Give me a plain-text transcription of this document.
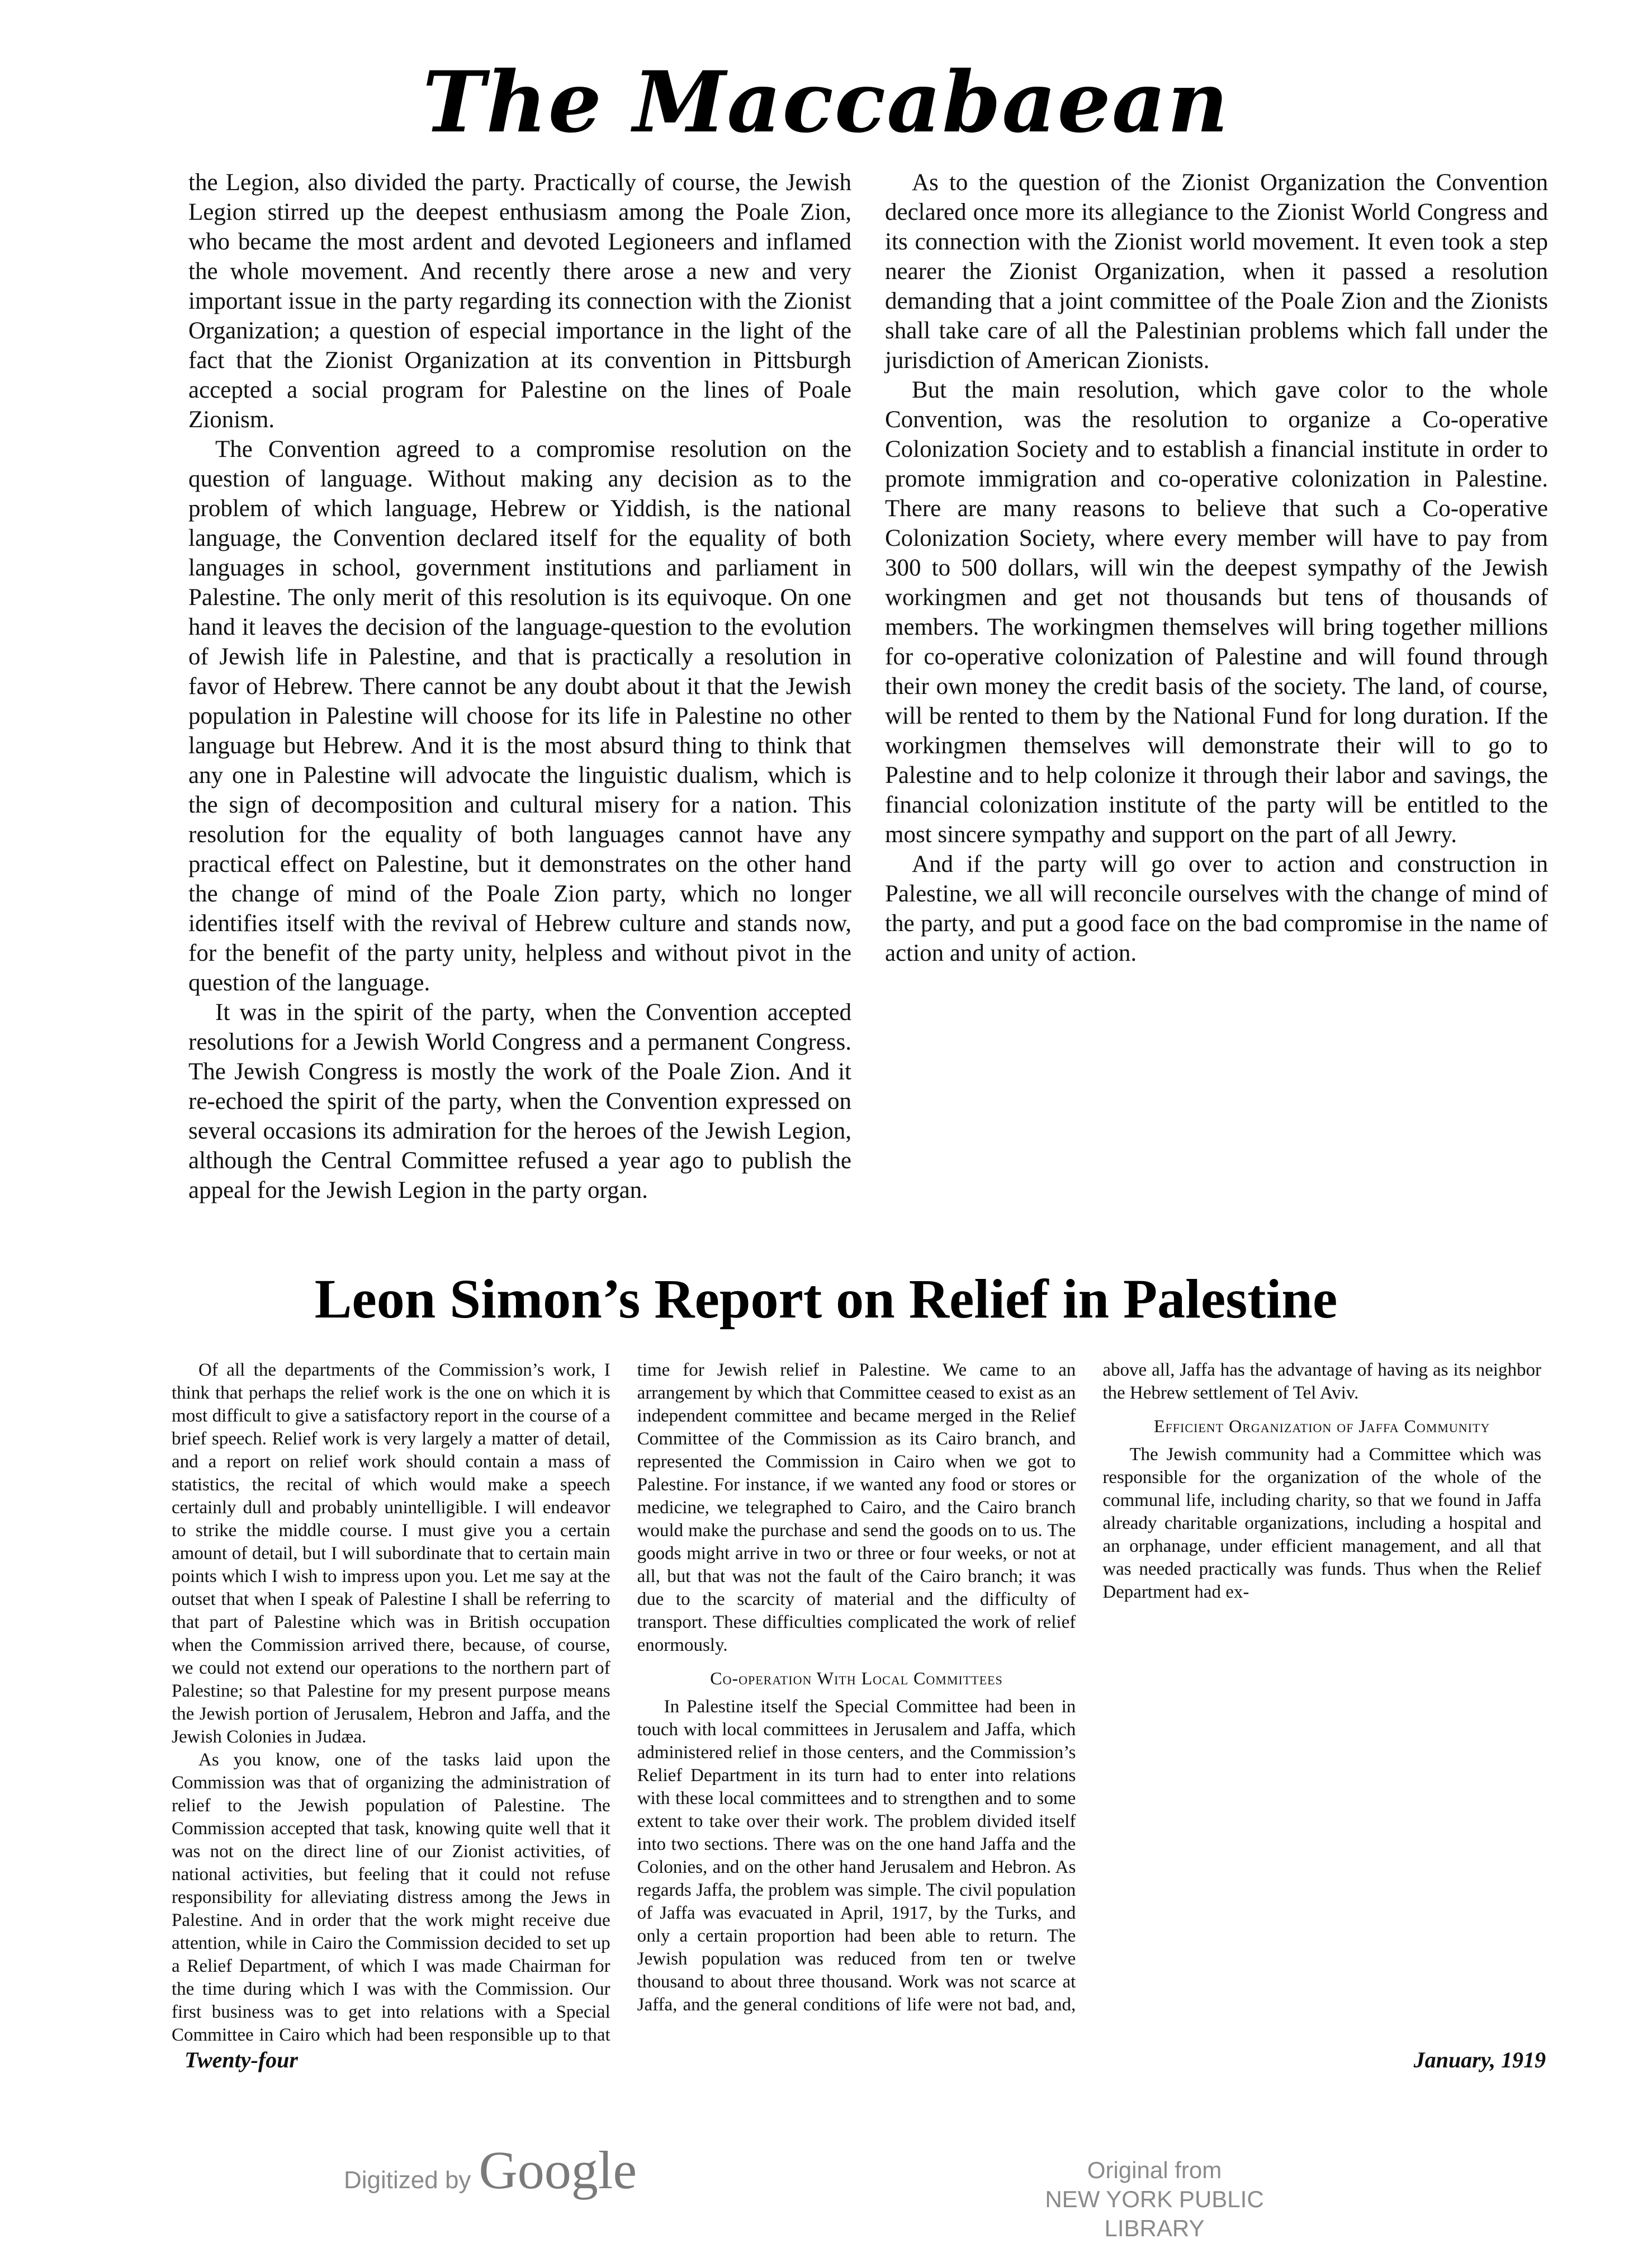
The Maccabaean

the Legion, also divided the party. Practically of course, the Jewish Legion stirred up the deepest enthusiasm among the Poale Zion, who became the most ardent and devoted Legioneers and inflamed the whole movement. And recently there arose a new and very important issue in the party regarding its connection with the Zionist Organization; a question of especial importance in the light of the fact that the Zionist Organization at its convention in Pittsburgh accepted a social program for Palestine on the lines of Poale Zionism.

The Convention agreed to a compromise resolution on the question of language. Without making any decision as to the problem of which language, Hebrew or Yiddish, is the national language, the Convention declared itself for the equality of both languages in school, government institutions and parliament in Palestine. The only merit of this resolution is its equivoque. On one hand it leaves the decision of the language-question to the evolution of Jewish life in Palestine, and that is practically a resolution in favor of Hebrew. There cannot be any doubt about it that the Jewish population in Palestine will choose for its life in Palestine no other language but Hebrew. And it is the most absurd thing to think that any one in Palestine will advocate the linguistic dualism, which is the sign of decomposition and cultural misery for a nation. This resolution for the equality of both languages cannot have any practical effect on Palestine, but it demonstrates on the other hand the change of mind of the Poale Zion party, which no longer identifies itself with the revival of Hebrew culture and stands now, for the benefit of the party unity, helpless and without pivot in the question of the language.

It was in the spirit of the party, when the Convention accepted resolutions for a Jewish World Congress and a permanent Congress. The Jewish Congress is mostly the work of the Poale Zion. And it re-echoed the spirit of the party, when the Convention expressed on several occasions its admiration for the heroes of the Jewish Legion, although the Central Committee refused a year ago to publish the appeal for the Jewish Legion in the party organ.

As to the question of the Zionist Organization the Convention declared once more its allegiance to the Zionist World Congress and its connection with the Zionist world movement. It even took a step nearer the Zionist Organization, when it passed a resolution demanding that a joint committee of the Poale Zion and the Zionists shall take care of all the Palestinian problems which fall under the jurisdiction of American Zionists.

But the main resolution, which gave color to the whole Convention, was the resolution to organize a Co-operative Colonization Society and to establish a financial institute in order to promote immigration and co-operative colonization in Palestine. There are many reasons to believe that such a Co-operative Colonization Society, where every member will have to pay from 300 to 500 dollars, will win the deepest sympathy of the Jewish workingmen and get not thousands but tens of thousands of members. The workingmen themselves will bring together millions for co-operative colonization of Palestine and will found through their own money the credit basis of the society. The land, of course, will be rented to them by the National Fund for long duration. If the workingmen themselves will demonstrate their will to go to Palestine and to help colonize it through their labor and savings, the financial colonization institute of the party will be entitled to the most sincere sympathy and support on the part of all Jewry.

And if the party will go over to action and construction in Palestine, we all will reconcile ourselves with the change of mind of the party, and put a good face on the bad compromise in the name of action and unity of action.

Leon Simon’s Report on Relief in Palestine

Of all the departments of the Commission’s work, I think that perhaps the relief work is the one on which it is most difficult to give a satisfactory report in the course of a brief speech. Relief work is very largely a matter of detail, and a report on relief work should contain a mass of statistics, the recital of which would make a speech certainly dull and probably unintelligible. I will endeavor to strike the middle course. I must give you a certain amount of detail, but I will subordinate that to certain main points which I wish to impress upon you. Let me say at the outset that when I speak of Palestine I shall be referring to that part of Palestine which was in British occupation when the Commission arrived there, because, of course, we could not extend our operations to the northern part of Palestine; so that Palestine for my present purpose means the Jewish portion of Jerusalem, Hebron and Jaffa, and the Jewish Colonies in Judæa.

As you know, one of the tasks laid upon the Commission was that of organizing the administration of relief to the Jewish population of Palestine. The Commission accepted that task, knowing quite well that it was not on the direct line of our Zionist activities, of national activities, but feeling that it could not refuse responsibility for alleviating distress among the Jews in Palestine. And in order that the work might receive due attention, while in Cairo the Commission decided to set up a Relief Department, of which I was made Chairman for the time during which I was with the Commission. Our first business was to get into relations with a Special Committee in Cairo which had been responsible up to that time for Jewish relief in Palestine. We came to an arrangement by which that Committee ceased to exist as an independent committee and became merged in the Relief Committee of the Commission as its Cairo branch, and represented the Commission in Cairo when we got to Palestine. For instance, if we wanted any food or stores or medicine, we telegraphed to Cairo, and the Cairo branch would make the purchase and send the goods on to us. The goods might arrive in two or three or four weeks, or not at all, but that was not the fault of the Cairo branch; it was due to the scarcity of material and the difficulty of transport. These difficulties complicated the work of relief enormously.

Co-operation With Local Committees

In Palestine itself the Special Committee had been in touch with local committees in Jerusalem and Jaffa, which administered relief in those centers, and the Commission’s Relief Department in its turn had to enter into relations with these local committees and to strengthen and to some extent to take over their work. The problem divided itself into two sections. There was on the one hand Jaffa and the Colonies, and on the other hand Jerusalem and Hebron. As regards Jaffa, the problem was simple. The civil population of Jaffa was evacuated in April, 1917, by the Turks, and only a certain proportion had been able to return. The Jewish population was reduced from ten or twelve thousand to about three thousand. Work was not scarce at Jaffa, and the general conditions of life were not bad, and, above all, Jaffa has the advantage of having as its neighbor the Hebrew settlement of Tel Aviv.

Efficient Organization of Jaffa Community

The Jewish community had a Committee which was responsible for the organization of the whole of the communal life, including charity, so that we found in Jaffa already charitable organizations, including a hospital and an orphanage, under efficient management, and all that was needed practically was funds. Thus when the Relief Department had ex-

Twenty-four	January, 1919
Digitized by Google	Original from
NEW YORK PUBLIC LIBRARY
